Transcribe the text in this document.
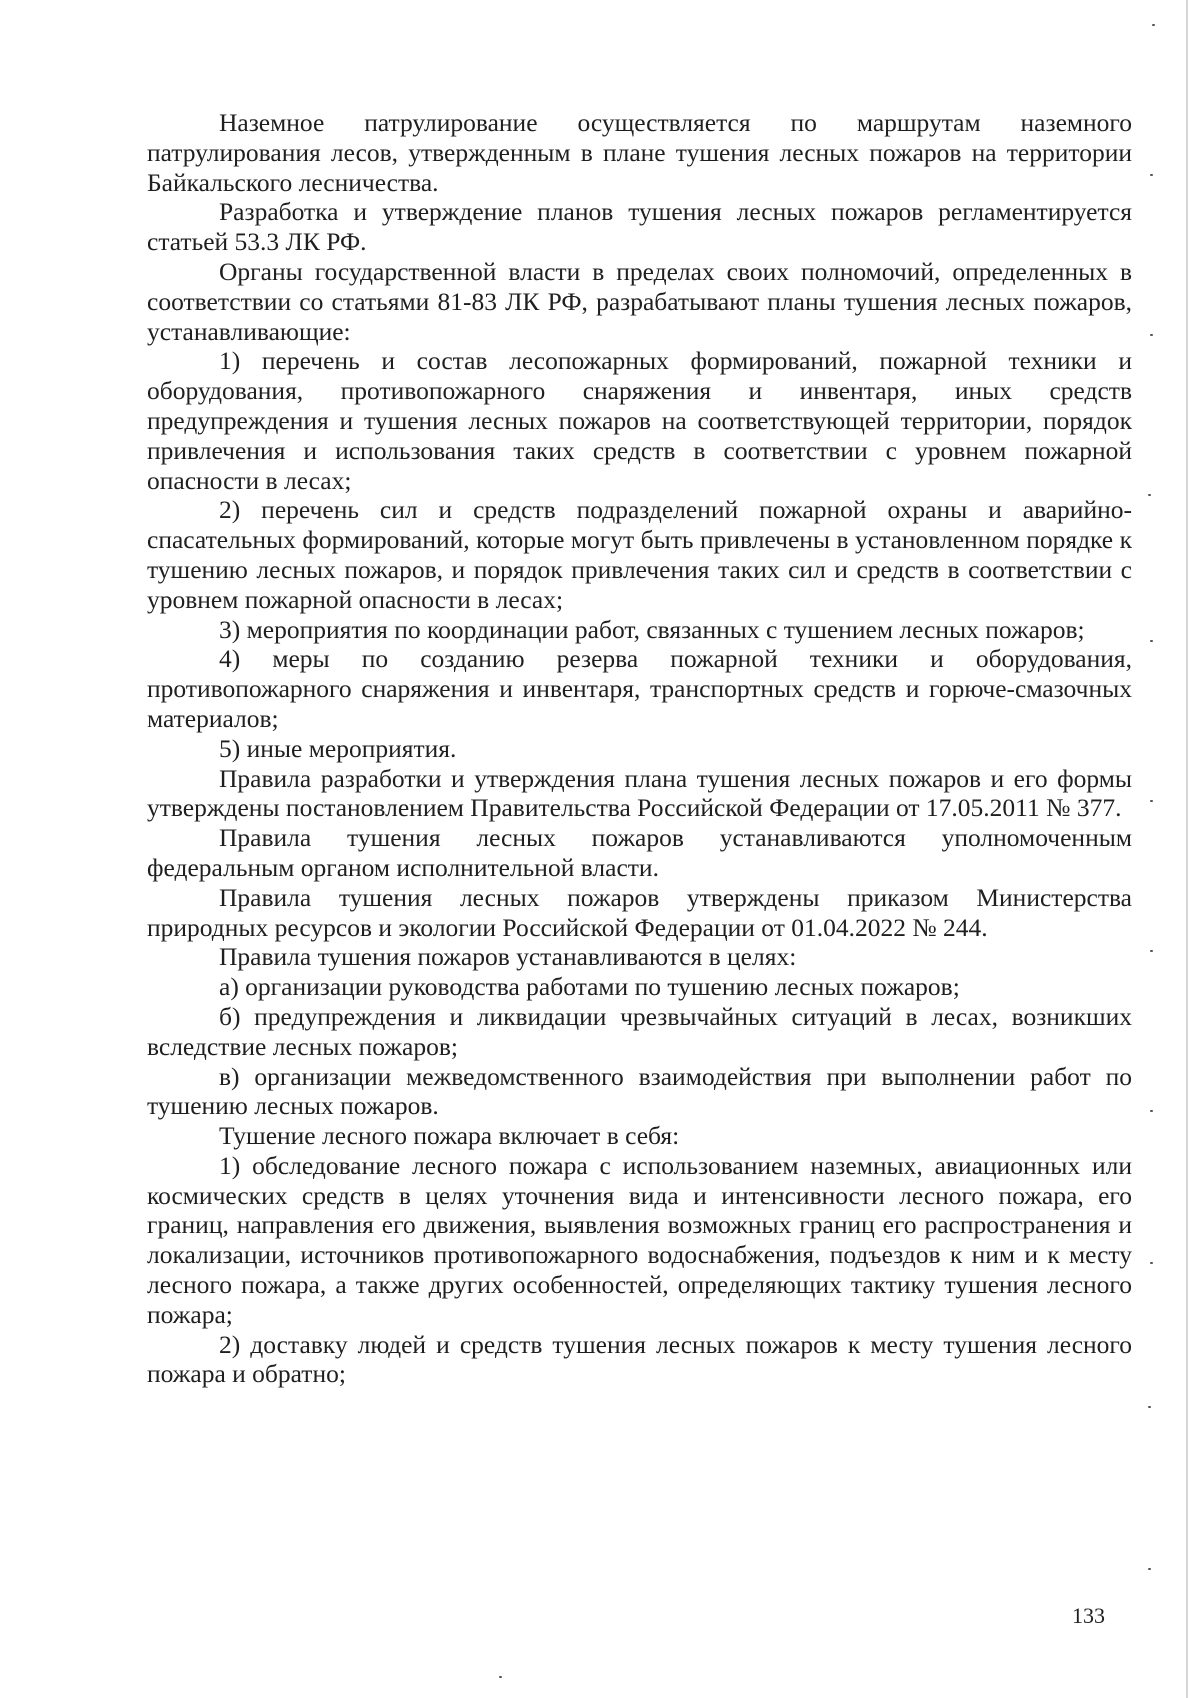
Наземное патрулирование осуществляется по маршрутам наземного патрулирования лесов, утвержденным в плане тушения лесных пожаров на территории Байкальского лесничества.

Разработка и утверждение планов тушения лесных пожаров регламентируется статьей 53.3 ЛК РФ.

Органы государственной власти в пределах своих полномочий, определенных в соответствии со статьями 81-83 ЛК РФ, разрабатывают планы тушения лесных пожаров, устанавливающие:

1) перечень и состав лесопожарных формирований, пожарной техники и оборудования, противопожарного снаряжения и инвентаря, иных средств предупреждения и тушения лесных пожаров на соответствующей территории, порядок привлечения и использования таких средств в соответствии с уровнем пожарной опасности в лесах;

2) перечень сил и средств подразделений пожарной охраны и аварийно-спасательных формирований, которые могут быть привлечены в установленном порядке к тушению лесных пожаров, и порядок привлечения таких сил и средств в соответствии с уровнем пожарной опасности в лесах;

3) мероприятия по координации работ, связанных с тушением лесных пожаров;

4) меры по созданию резерва пожарной техники и оборудования, противопожарного снаряжения и инвентаря, транспортных средств и горюче-смазочных материалов;

5) иные мероприятия.

Правила разработки и утверждения плана тушения лесных пожаров и его формы утверждены постановлением Правительства Российской Федерации от 17.05.2011 № 377.

Правила тушения лесных пожаров устанавливаются уполномоченным федеральным органом исполнительной власти.

Правила тушения лесных пожаров утверждены приказом Министерства природных ресурсов и экологии Российской Федерации от 01.04.2022 № 244.

Правила тушения пожаров устанавливаются в целях:

а) организации руководства работами по тушению лесных пожаров;

б) предупреждения и ликвидации чрезвычайных ситуаций в лесах, возникших вследствие лесных пожаров;

в) организации межведомственного взаимодействия при выполнении работ по тушению лесных пожаров.

Тушение лесного пожара включает в себя:

1) обследование лесного пожара с использованием наземных, авиационных или космических средств в целях уточнения вида и интенсивности лесного пожара, его границ, направления его движения, выявления возможных границ его распространения и локализации, источников противопожарного водоснабжения, подъездов к ним и к месту лесного пожара, а также других особенностей, определяющих тактику тушения лесного пожара;

2) доставку людей и средств тушения лесных пожаров к месту тушения лесного пожара и обратно;

133
